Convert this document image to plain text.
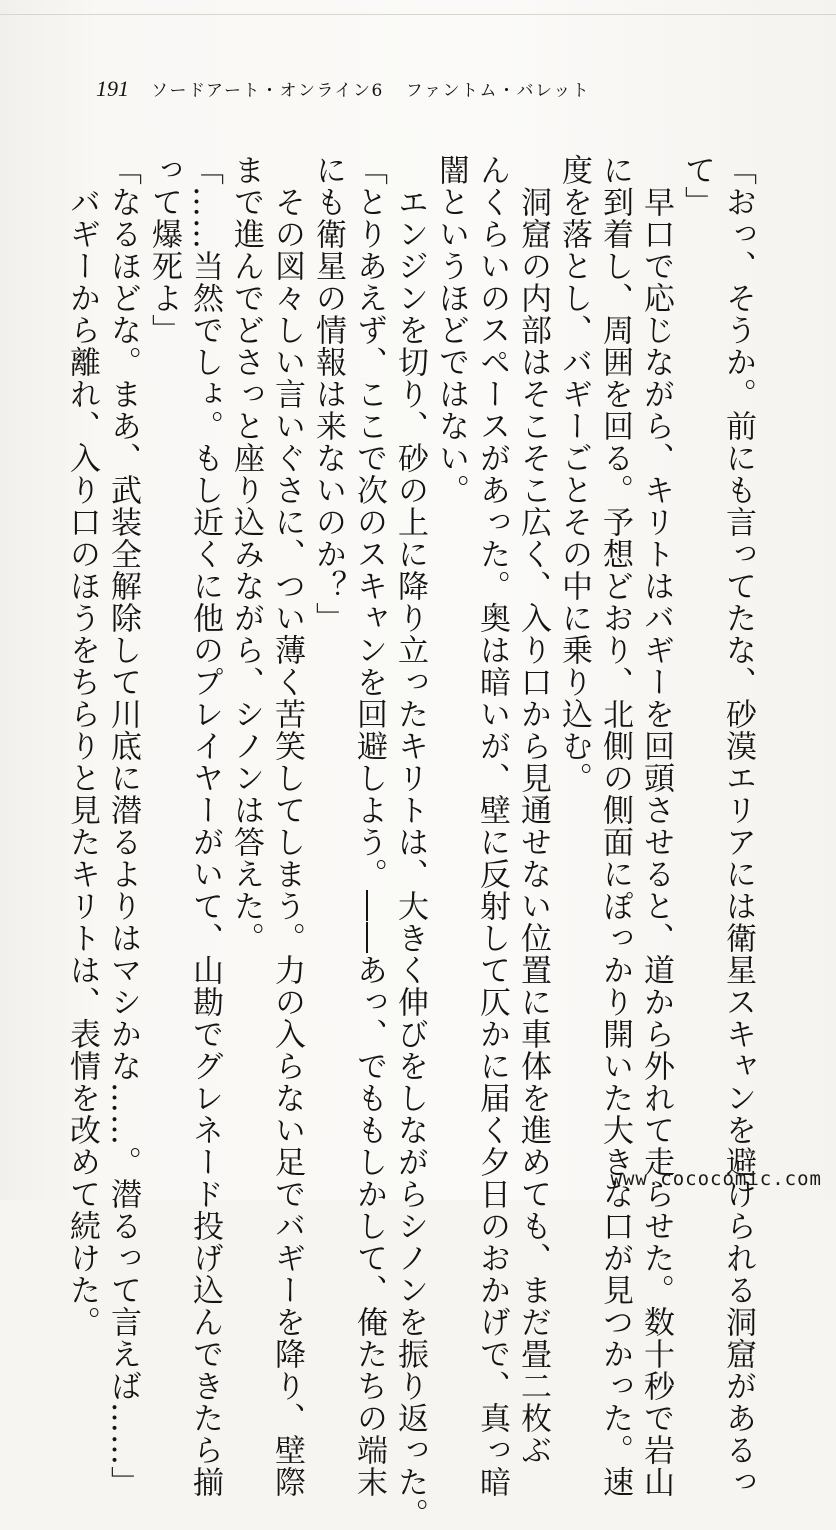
191 ソードアート・オンライン6 ファントム・バレット
「おっ、そうか。前にも言ってたな、砂漠エリアには衛星スキャンを避けられる洞窟があるっ
て」
　早口で応じながら、キリトはバギーを回頭させると、道から外れて走らせた。数十秒で岩山
に到着し、周囲を回る。予想どおり、北側の側面にぽっかり開いた大きな口が見つかった。速
度を落とし、バギーごとその中に乗り込む。
　洞窟の内部はそこそこ広く、入り口から見通せない位置に車体を進めても、まだ畳二枚ぶ
んくらいのスペースがあった。奥は暗いが、壁に反射して仄かに届く夕日のおかげで、真っ暗
闇というほどではない。
　エンジンを切り、砂の上に降り立ったキリトは、大きく伸びをしながらシノンを振り返った。
「とりあえず、ここで次のスキャンを回避しよう。――あっ、でももしかして、俺たちの端末
にも衛星の情報は来ないのか？」
　その図々しい言いぐさに、つい薄く苦笑してしまう。力の入らない足でバギーを降り、壁際
まで進んでどさっと座り込みながら、シノンは答えた。
「……当然でしょ。もし近くに他のプレイヤーがいて、山勘でグレネード投げ込んできたら揃
って爆死よ」
「なるほどな。まあ、武装全解除して川底に潜るよりはマシかな……。潜るって言えば……」
　バギーから離れ、入り口のほうをちらりと見たキリトは、表情を改めて続けた。	www.cococomic.com
